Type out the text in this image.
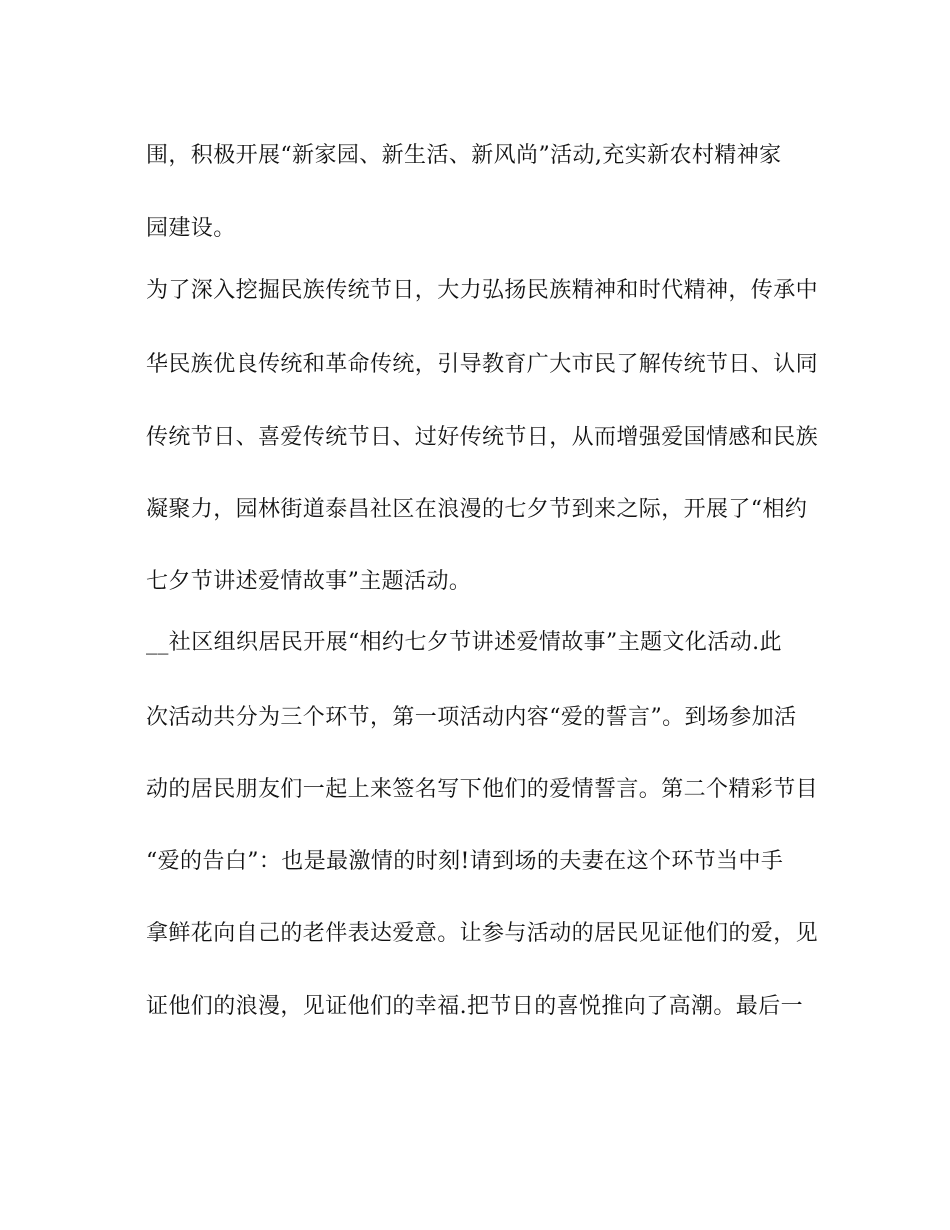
围，积极开展“新家园、新生活、新风尚”活动,充实新农村精神家
园建设。
为了深入挖掘民族传统节日，大力弘扬民族精神和时代精神，传承中
华民族优良传统和革命传统，引导教育广大市民了解传统节日、认同
传统节日、喜爱传统节日、过好传统节日，从而增强爱国情感和民族
凝聚力，园林街道泰昌社区在浪漫的七夕节到来之际，开展了“相约
七夕节讲述爱情故事”主题活动。
__社区组织居民开展“相约七夕节讲述爱情故事”主题文化活动.此
次活动共分为三个环节，第一项活动内容“爱的誓言”。到场参加活
动的居民朋友们一起上来签名写下他们的爱情誓言。第二个精彩节目
“爱的告白”：也是最激情的时刻!请到场的夫妻在这个环节当中手
拿鲜花向自己的老伴表达爱意。让参与活动的居民见证他们的爱，见
证他们的浪漫，见证他们的幸福.把节日的喜悦推向了高潮。最后一
